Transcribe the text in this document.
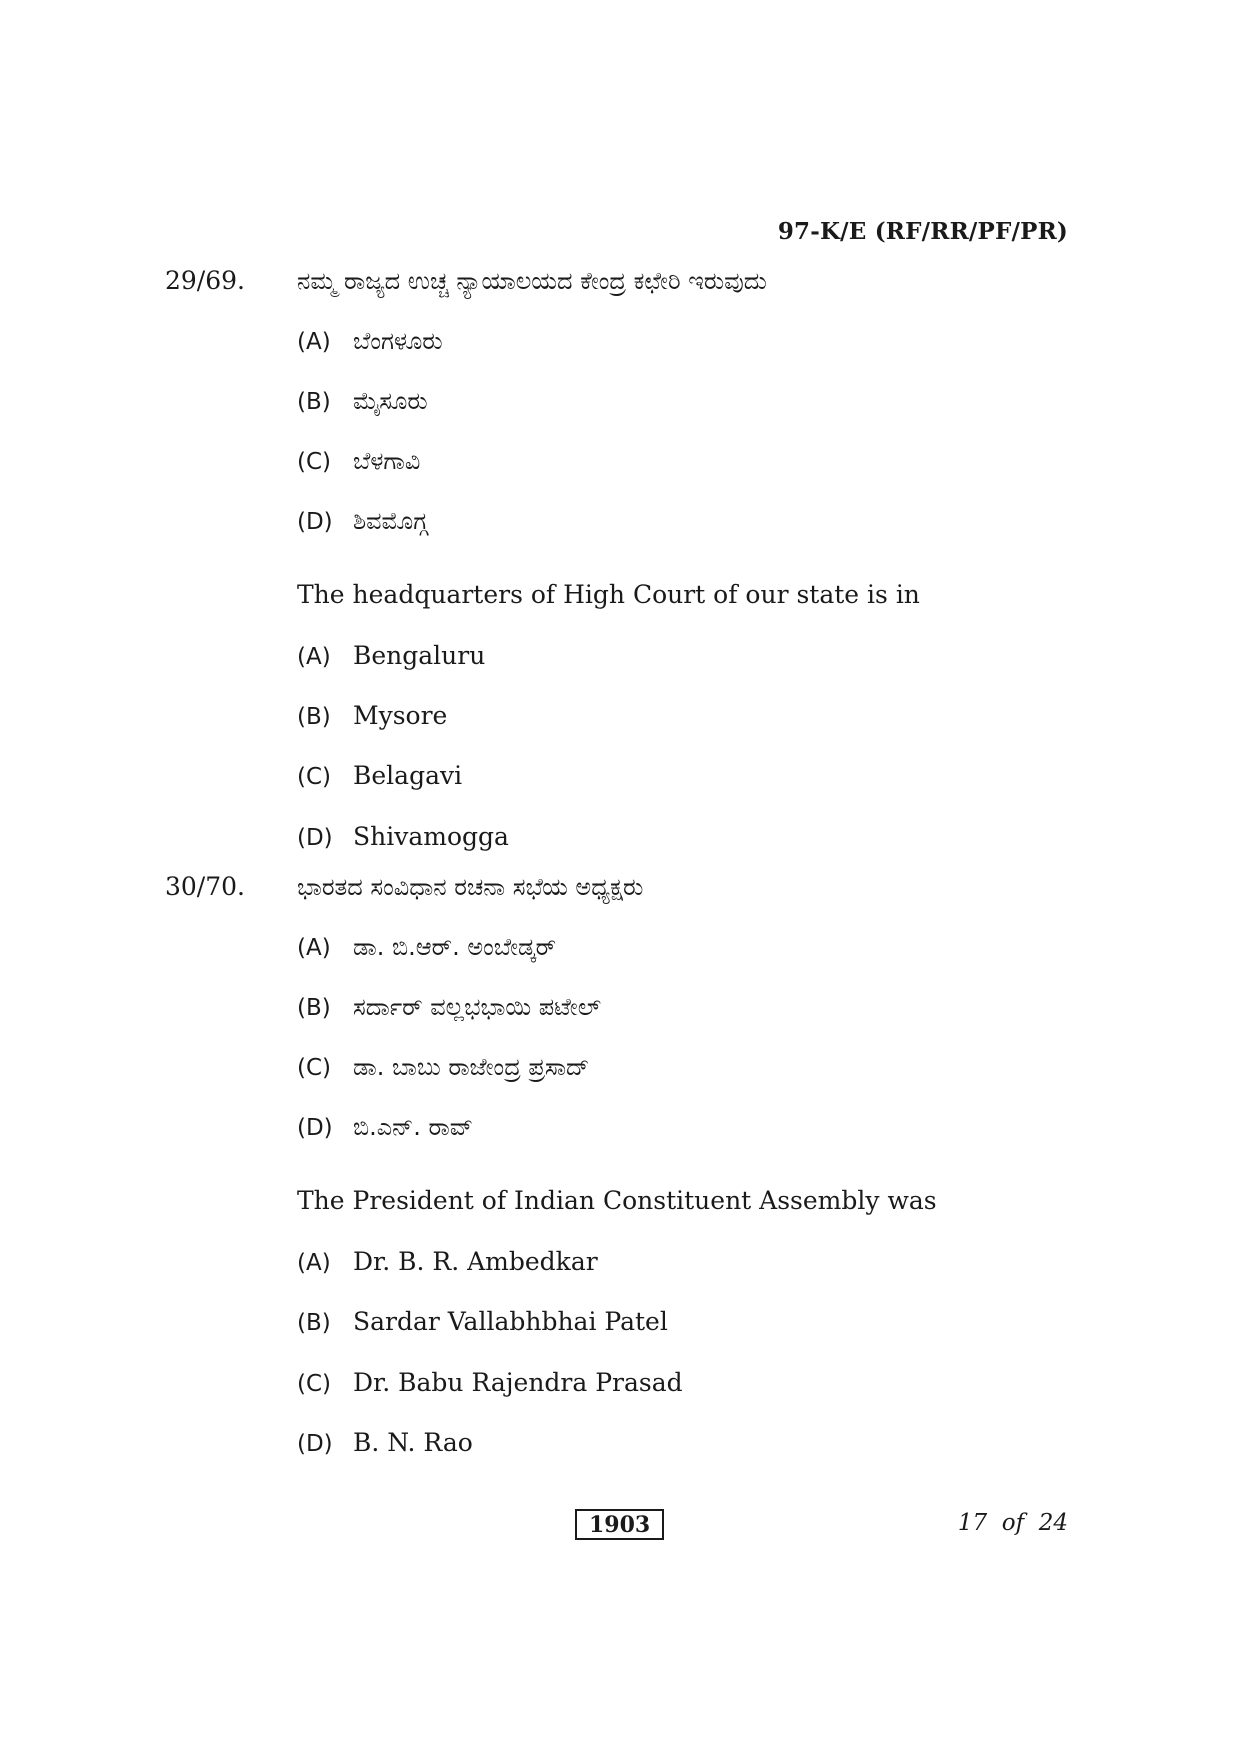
97-K/E (RF/RR/PF/PR)
29/69. ನಮ್ಮ ರಾಜ್ಯದ ಉಚ್ಚ ನ್ಯಾಯಾಲಯದ ಕೇಂದ್ರ ಕಛೇರಿ ಇರುವುದು
(A) ಬೆಂಗಳೂರು
(B) ಮೈಸೂರು
(C) ಬೆಳಗಾವಿ
(D) ಶಿವಮೊಗ್ಗ
The headquarters of High Court of our state is in
(A) Bengaluru
(B) Mysore
(C) Belagavi
(D) Shivamogga
30/70. ಭಾರತದ ಸಂವಿಧಾನ ರಚನಾ ಸಭೆಯ ಅಧ್ಯಕ್ಷರು
(A) ಡಾ. ಬಿ.ಆರ್. ಅಂಬೇಡ್ಕರ್
(B) ಸರ್ದಾರ್ ವಲ್ಲಭಭಾಯಿ ಪಟೇಲ್
(C) ಡಾ. ಬಾಬು ರಾಜೇಂದ್ರ ಪ್ರಸಾದ್
(D) ಬಿ.ಎನ್. ರಾವ್
The President of Indian Constituent Assembly was
(A) Dr. B. R. Ambedkar
(B) Sardar Vallabhbhai Patel
(C) Dr. Babu Rajendra Prasad
(D) B. N. Rao
1903	17  of  24
